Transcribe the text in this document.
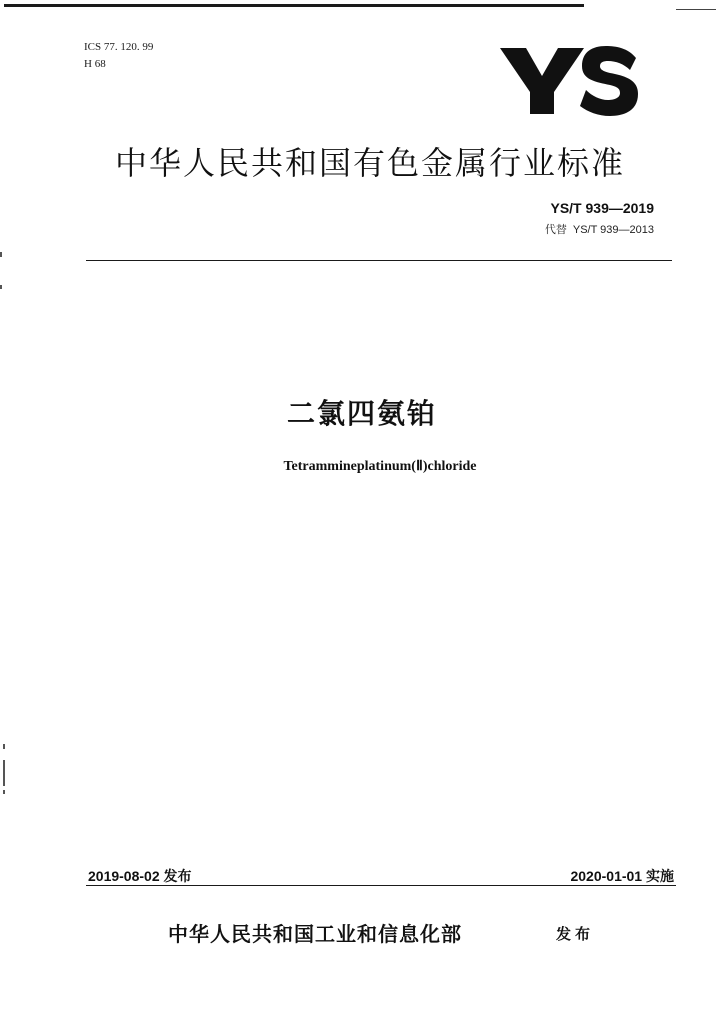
ICS 77. 120. 99
H 68
中华人民共和国有色金属行业标准
YS/T 939—2019
代替 YS/T 939—2013
二氯四氨铂
Tetrammineplatinum(Ⅱ)chloride
2019-08-02 发布	2020-01-01 实施
中华人民共和国工业和信息化部	发布
